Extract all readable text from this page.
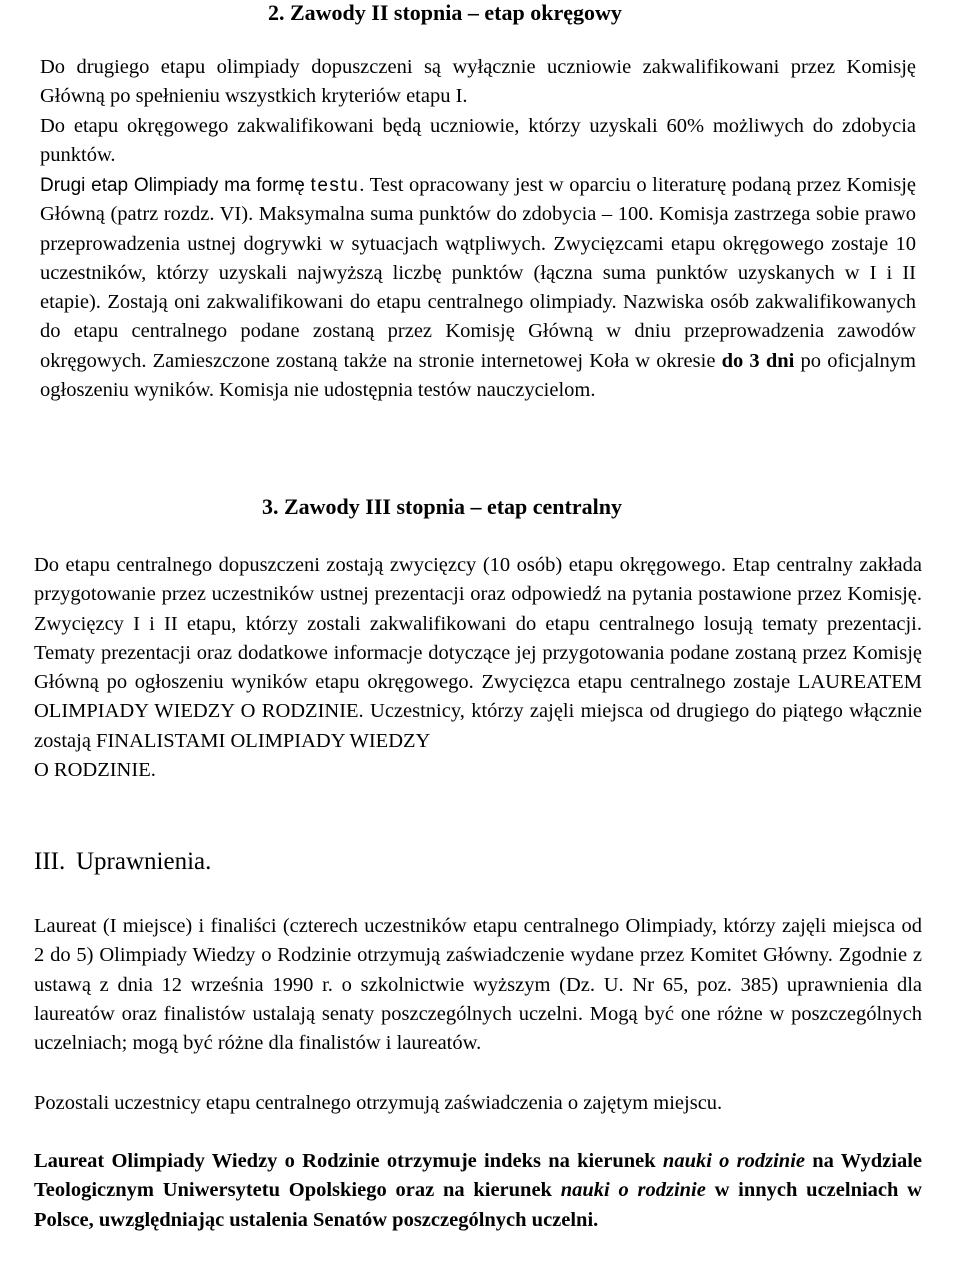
2. Zawody II stopnia – etap okręgowy

Do drugiego etapu olimpiady dopuszczeni są wyłącznie uczniowie zakwalifikowani przez Komisję Główną po spełnieniu wszystkich kryteriów etapu I.

Do etapu okręgowego zakwalifikowani będą uczniowie, którzy uzyskali 60% możliwych do zdobycia punktów.

Drugi etap Olimpiady ma formę testu. Test opracowany jest w oparciu o literaturę podaną przez Komisję Główną (patrz rozdz. VI). Maksymalna suma punktów do zdobycia – 100. Komisja zastrzega sobie prawo przeprowadzenia ustnej dogrywki w sytuacjach wątpliwych. Zwycięzcami etapu okręgowego zostaje 10 uczestników, którzy uzyskali najwyższą liczbę punktów (łączna suma punktów uzyskanych w I i II etapie). Zostają oni zakwalifikowani do etapu centralnego olimpiady. Nazwiska osób zakwalifikowanych do etapu centralnego podane zostaną przez Komisję Główną w dniu przeprowadzenia zawodów okręgowych. Zamieszczone zostaną także na stronie internetowej Koła w okresie do 3 dni po oficjalnym ogłoszeniu wyników. Komisja nie udostępnia testów nauczycielom.

3. Zawody III stopnia – etap centralny

Do etapu centralnego dopuszczeni zostają zwycięzcy (10 osób) etapu okręgowego. Etap centralny zakłada przygotowanie przez uczestników ustnej prezentacji oraz odpowiedź na pytania postawione przez Komisję. Zwycięzcy I i II etapu, którzy zostali zakwalifikowani do etapu centralnego losują tematy prezentacji. Tematy prezentacji oraz dodatkowe informacje dotyczące jej przygotowania podane zostaną przez Komisję Główną po ogłoszeniu wyników etapu okręgowego. Zwycięzca etapu centralnego zostaje LAUREATEM OLIMPIADY WIEDZY O RODZINIE. Uczestnicy, którzy zajęli miejsca od drugiego do piątego włącznie zostają FINALISTAMI OLIMPIADY WIEDZY
O RODZINIE.

III. Uprawnienia.

Laureat (I miejsce) i finaliści (czterech uczestników etapu centralnego Olimpiady, którzy zajęli miejsca od 2 do 5) Olimpiady Wiedzy o Rodzinie otrzymują zaświadczenie wydane przez Komitet Główny. Zgodnie z ustawą z dnia 12 września 1990 r. o szkolnictwie wyższym (Dz. U. Nr 65, poz. 385) uprawnienia dla laureatów oraz finalistów ustalają senaty poszczególnych uczelni. Mogą być one różne w poszczególnych uczelniach; mogą być różne dla finalistów i laureatów.

Pozostali uczestnicy etapu centralnego otrzymują zaświadczenia o zajętym miejscu.

Laureat Olimpiady Wiedzy o Rodzinie otrzymuje indeks na kierunek nauki o rodzinie na Wydziale Teologicznym Uniwersytetu Opolskiego oraz na kierunek nauki o rodzinie w innych uczelniach w Polsce, uwzględniając ustalenia Senatów poszczególnych uczelni.
